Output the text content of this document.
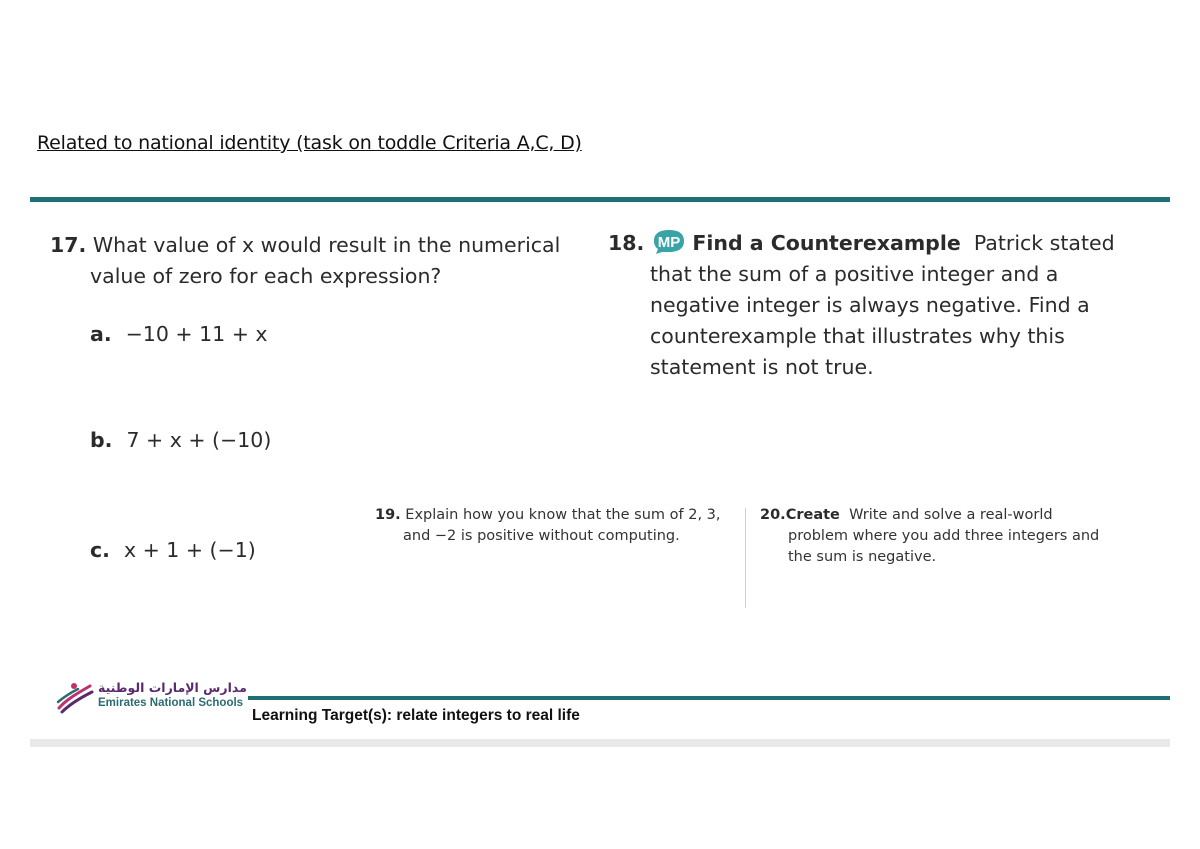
Related to national identity (task on toddle Criteria A,C, D)
17. What value of x would result in the numerical
value of zero for each expression?
a. −10 + 11 + x
b. 7 + x + (−10)
c. x + 1 + (−1)
18. MP Find a Counterexample Patrick stated
that the sum of a positive integer and a
negative integer is always negative. Find a
counterexample that illustrates why this
statement is not true.
19. Explain how you know that the sum of 2, 3,
and −2 is positive without computing.
20.Create Write and solve a real-world
problem where you add three integers and
the sum is negative.
مدارس الإمارات الوطنية
Emirates National Schools
Learning Target(s): relate integers to real life
